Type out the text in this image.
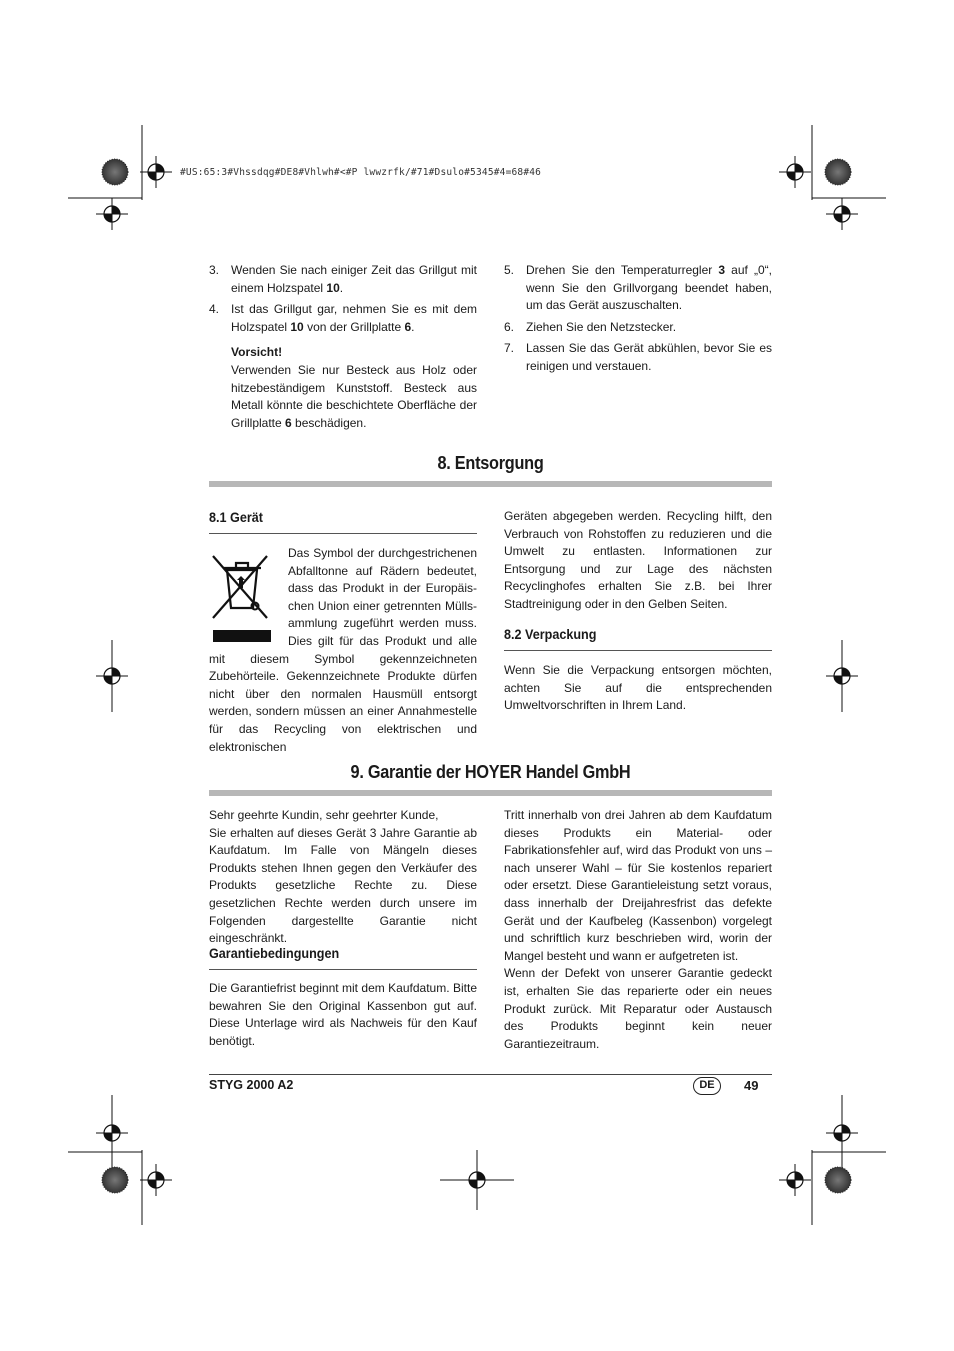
#US:65:3#Vhssdqg#DE8#Vhlwh#<#P lwwzrfk/#71#Dsulo#5345#4=68#46
3. Wenden Sie nach einiger Zeit das Grillgut mit einem Holzspatel 10.
4. Ist das Grillgut gar, nehmen Sie es mit dem Holzspatel 10 von der Grillplatte 6.
Vorsicht!

Verwenden Sie nur Besteck aus Holz oder hitzebeständigem Kunststoff. Besteck aus Metall könnte die beschichtete Oberfläche der Grillplatte 6 beschädigen.

5. Drehen Sie den Temperaturregler 3 auf „0“, wenn Sie den Grillvorgang beendet haben, um das Gerät auszuschalten.
6. Ziehen Sie den Netzstecker.
7. Lassen Sie das Gerät abkühlen, bevor Sie es reinigen und verstauen.
8. Entsorgung
8.1 Gerät

Das Symbol der durchgestrichenen

Abfalltonne auf Rädern bedeutet,

dass das Produkt in der Europäis-

chen Union einer getrennten Mülls-

ammlung zugeführt werden muss.

Dies gilt für das Produkt und alle

mit diesem Symbol gekennzeichneten Zubehörteile. Gekennzeichnete Produkte dürfen nicht über den normalen Hausmüll entsorgt werden, sondern müssen an einer Annahmestelle für das Recycling von elektrischen und elektronischen

Geräten abgegeben werden. Recycling hilft, den Verbrauch von Rohstoffen zu reduzieren und die Umwelt zu entlasten. Informationen zur Entsorgung und zur Lage des nächsten Recyclinghofes erhalten Sie z.B. bei Ihrer Stadtreinigung oder in den Gelben Seiten.

8.2 Verpackung

Wenn Sie die Verpackung entsorgen möchten, achten Sie auf die entsprechenden Umweltvorschriften in Ihrem Land.

9. Garantie der HOYER Handel GmbH

Sehr geehrte Kundin, sehr geehrter Kunde,

Sie erhalten auf dieses Gerät 3 Jahre Garantie ab Kaufdatum. Im Falle von Mängeln dieses Produkts stehen Ihnen gegen den Verkäufer des Produkts gesetzliche Rechte zu. Diese gesetzlichen Rechte werden durch unsere im Folgenden dargestellte Garantie nicht eingeschränkt.

Garantiebedingungen

Die Garantiefrist beginnt mit dem Kaufdatum. Bitte bewahren Sie den Original Kassenbon gut auf. Diese Unterlage wird als Nachweis für den Kauf benötigt.

Tritt innerhalb von drei Jahren ab dem Kaufdatum dieses Produkts ein Material- oder Fabrikationsfehler auf, wird das Produkt von uns – nach unserer Wahl – für Sie kostenlos repariert oder ersetzt. Diese Garantieleistung setzt voraus, dass innerhalb der Dreijahresfrist das defekte Gerät und der Kaufbeleg (Kassenbon) vorgelegt und schriftlich kurz beschrieben wird, worin der Mangel besteht und wann er aufgetreten ist.

Wenn der Defekt von unserer Garantie gedeckt ist, erhalten Sie das reparierte oder ein neues Produkt zurück. Mit Reparatur oder Austausch des Produkts beginnt kein neuer Garantiezeitraum.

STYG 2000 A2	DE	49
